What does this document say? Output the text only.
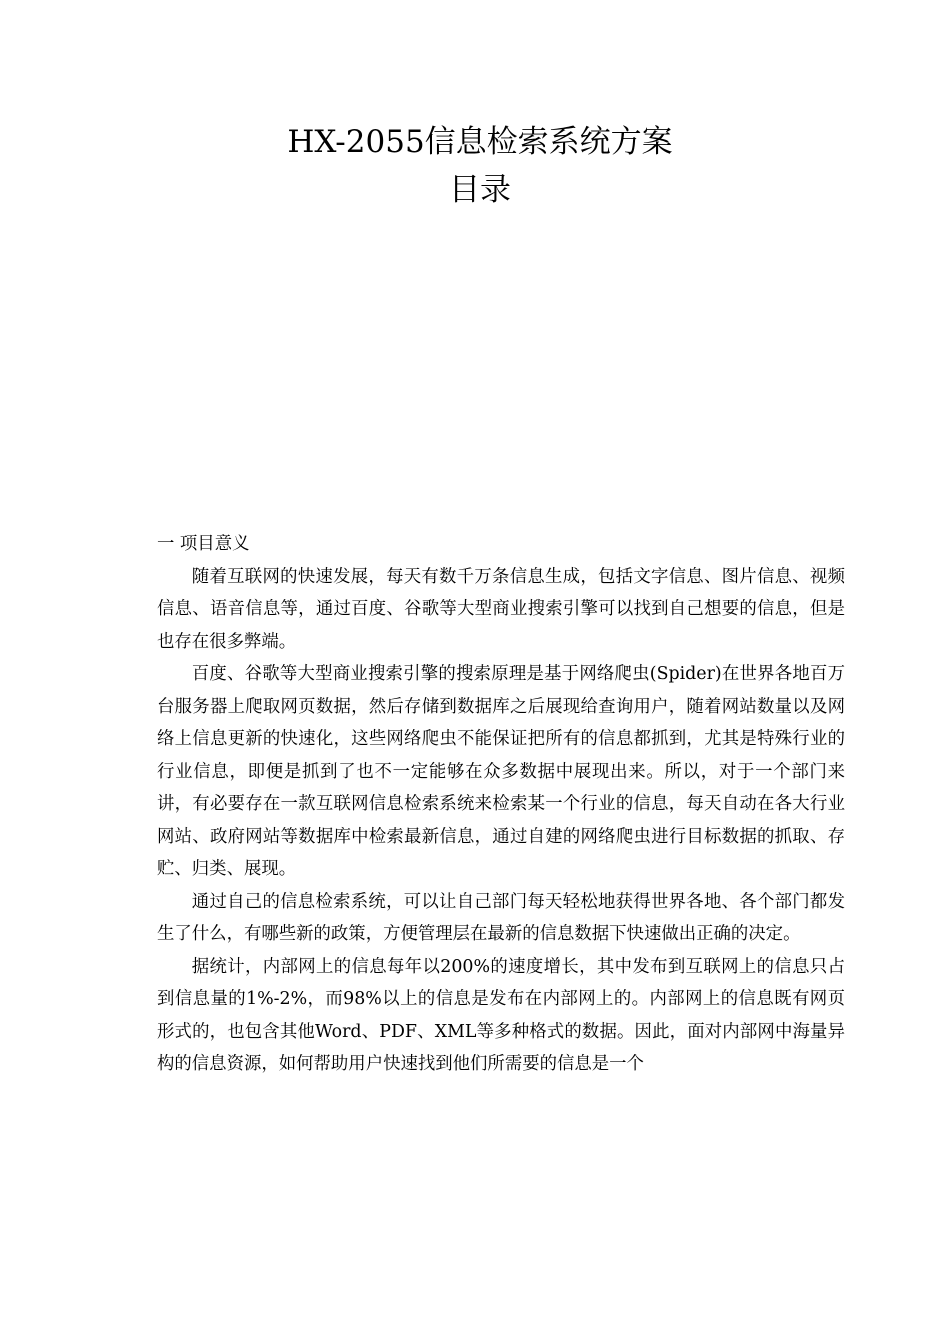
HX-2055信息检索系统方案
目录

一 项目意义

随着互联网的快速发展，每天有数千万条信息生成，包括文字信息、图片信息、视频信息、语音信息等，通过百度、谷歌等大型商业搜索引擎可以找到自己想要的信息，但是也存在很多弊端。

百度、谷歌等大型商业搜索引擎的搜索原理是基于网络爬虫(Spider)在世界各地百万台服务器上爬取网页数据，然后存储到数据库之后展现给查询用户，随着网站数量以及网络上信息更新的快速化，这些网络爬虫不能保证把所有的信息都抓到，尤其是特殊行业的行业信息，即便是抓到了也不一定能够在众多数据中展现出来。所以，对于一个部门来讲，有必要存在一款互联网信息检索系统来检索某一个行业的信息，每天自动在各大行业网站、政府网站等数据库中检索最新信息，通过自建的网络爬虫进行目标数据的抓取、存贮、归类、展现。

通过自己的信息检索系统，可以让自己部门每天轻松地获得世界各地、各个部门都发生了什么，有哪些新的政策，方便管理层在最新的信息数据下快速做出正确的决定。

据统计，内部网上的信息每年以200%的速度增长，其中发布到互联网上的信息只占到信息量的1%-2%，而98%以上的信息是发布在内部网上的。内部网上的信息既有网页形式的，也包含其他Word、PDF、XML等多种格式的数据。因此，面对内部网中海量异构的信息资源，如何帮助用户快速找到他们所需要的信息是一个
